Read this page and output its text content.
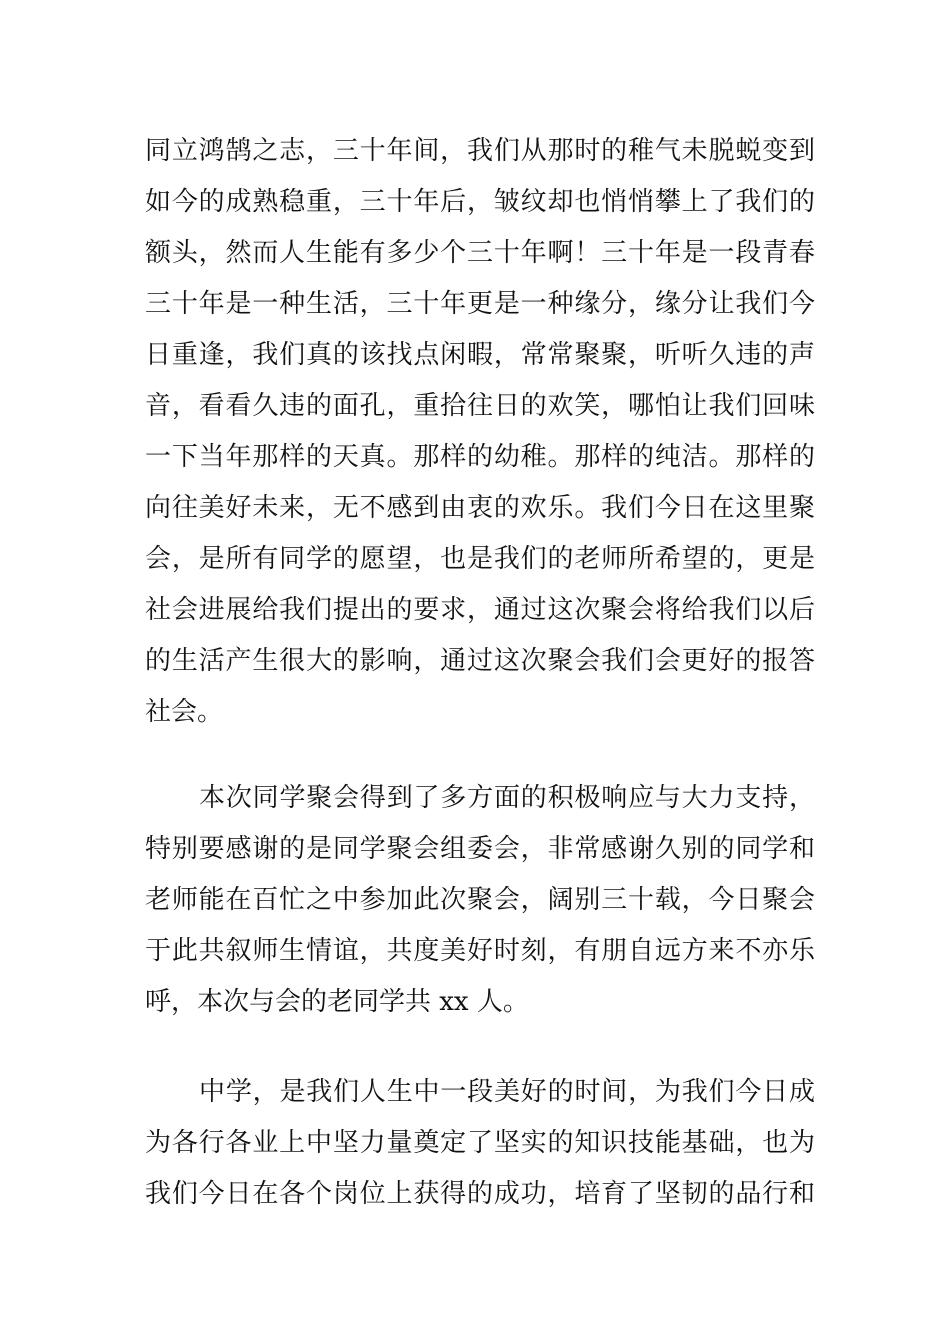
同立鸿鹄之志，三十年间，我们从那时的稚气未脱蜕变到
如今的成熟稳重，三十年后，皱纹却也悄悄攀上了我们的
额头，然而人生能有多少个三十年啊！三十年是一段青春
三十年是一种生活，三十年更是一种缘分，缘分让我们今
日重逢，我们真的该找点闲暇，常常聚聚，听听久违的声
音，看看久违的面孔，重拾往日的欢笑，哪怕让我们回味
一下当年那样的天真。那样的幼稚。那样的纯洁。那样的
向往美好未来，无不感到由衷的欢乐。我们今日在这里聚
会，是所有同学的愿望，也是我们的老师所希望的，更是
社会进展给我们提出的要求，通过这次聚会将给我们以后
的生活产生很大的影响，通过这次聚会我们会更好的报答
社会。
本次同学聚会得到了多方面的积极响应与大力支持，
特别要感谢的是同学聚会组委会，非常感谢久别的同学和
老师能在百忙之中参加此次聚会，阔别三十载，今日聚会
于此共叙师生情谊，共度美好时刻，有朋自远方来不亦乐
呼，本次与会的老同学共 xx 人。
中学，是我们人生中一段美好的时间，为我们今日成
为各行各业上中坚力量奠定了坚实的知识技能基础，也为
我们今日在各个岗位上获得的成功，培育了坚韧的品行和
